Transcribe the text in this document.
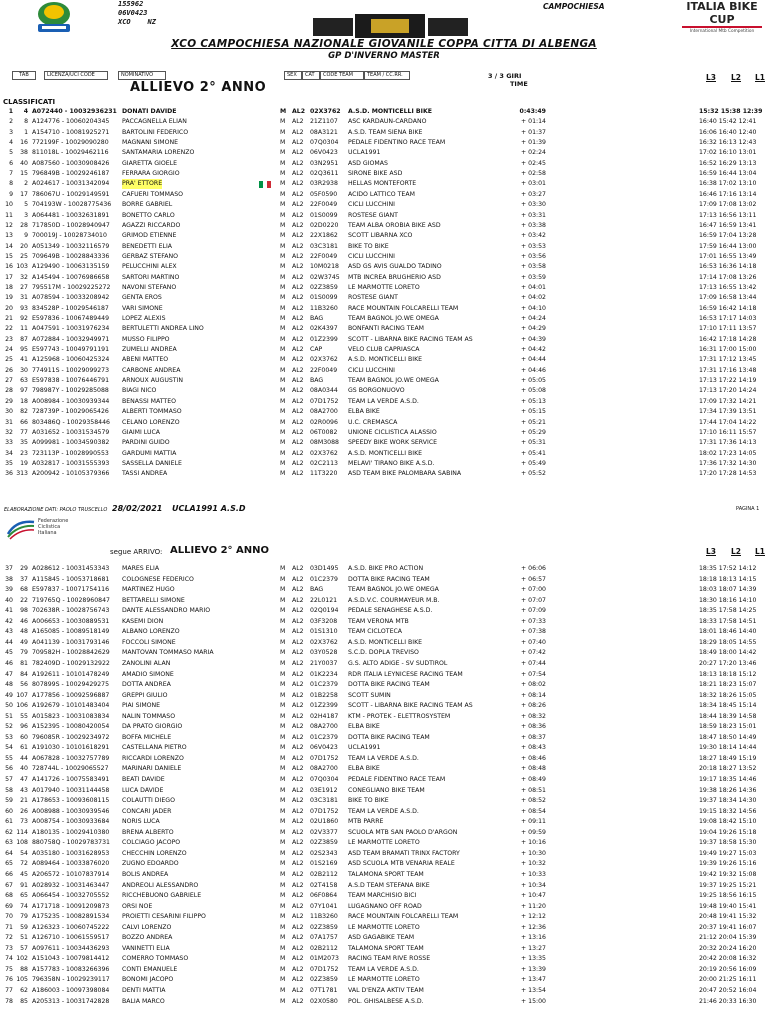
155962
06V0423
XCO    NZ
CAMPOCHIESA	ITALIA BIKE CUP
International Mtb Competition
XCO CAMPOCHIESA NAZIONALE GIOVANILE COPPA CITTA DI ALBENGA
GP D'INVERNO MASTER
TAB	LICENZA/UCI CODE	NOMINATIVO	SEX	CAT	CODE TEAM	TEAM / CC.RR.
ALLIEVO 2° ANNO
3 / 3 GIRI
TIME
L3 L2 L1
CLASSIFICATI
1	4 A072440 - 10032936231 DONATI DAVIDE	M AL2 02X3762 A.S.D. MONTICELLI BIKE	0:43:49	15:32 15:38 12:39
2	8 A124776 - 10060204345 PACCAGNELLA ELIAN	M AL2 21Z1107 ASC KARDAUN-CARDANO	+ 01:14	16:40 15:42 12:41
3	1 A154710 - 10081925271 BARTOLINI FEDERICO	M AL2 08A3121 A.S.D. TEAM SIENA BIKE	+ 01:37	16:06 16:40 12:40
4	16 772199F - 10029090280 MAGNANI SIMONE	M AL2 07Q0304 PEDALE FIDENTINO RACE TEAM	+ 01:39	16:32 16:13 12:43
5	38 811018L - 10029462116 SANTAMARIA LORENZO	M AL2 06V0423 UCLA1991	+ 02:24	17:02 16:10 13:01
6	40 A087560 - 10030908426 GIARETTA GIOELE	M AL2 03N2951 ASD GIOMAS	+ 02:45	16:52 16:29 13:13
7	15 796849B - 10029246187 FERRARA GIORGIO	M AL2 02Q3611 SIRONE BIKE ASD	+ 02:58	16:59 16:44 13:04
8	2 A024617 - 10031342094 PRA' ETTORE	M AL2 03R2938 HELLAS MONTEFORTE	+ 03:01	16:38 17:02 13:10
9	17 786067U - 10029149591 CAFUERI TOMMASO	M AL2 05F0590 ACIDO LATTICO TEAM	+ 03:27	16:46 17:16 13:14
10	5 704193W - 10028775436 BORRE GABRIEL	M AL2 22F0049 CICLI LUCCHINI	+ 03:30	17:09 17:08 13:02
11	3 A064481 - 10032631891 BONETTO CARLO	M AL2 01S0099 ROSTESE GIANT	+ 03:31	17:13 16:56 13:11
12	28 717850D - 10028940947 AGAZZI RICCARDO	M AL2 02D0220 TEAM ALBA OROBIA BIKE ASD	+ 03:38	16:47 16:59 13:41
13	9 700019J - 10028734010 GRIMOD ETIENNE	M AL2 22X1862 SCOTT LIBARNA XCO	+ 03:42	16:59 17:04 13:28
14	20 A051349 - 10032116579 BENEDETTI ELIA	M AL2 03C3181 BIKE TO BIKE	+ 03:53	17:59 16:44 13:00
15	25 709649B - 10028843336 GERBAZ STEFANO	M AL2 22F0049 CICLI LUCCHINI	+ 03:56	17:01 16:55 13:49
16 103 A129490 - 10063135159 PELUCCHINI ALEX	M AL2 10M0218 ASD GS AVIS GUALDO TADINO	+ 03:58	16:53 16:36 14:18
17	32 A145494 - 10076986658 SARTORI MARTINO	M AL2 02W3745 MTB INCREA BRUGHERIO ASD	+ 03:59	17:14 17:08 13:26
18	27 795517M - 10029225272 NAVONI STEFANO	M AL2 02Z3859 LE MARMOTTE LORETO	+ 04:01	17:13 16:55 13:42
19	31 A078594 - 10033208942 GENTA EROS	M AL2 01S0099 ROSTESE GIANT	+ 04:02	17:09 16:58 13:44
20	93 834528P - 10029546187 VARI SIMONE	M AL2 11B3260 RACE MOUNTAIN FOLCARELLI TEAM	+ 04:10	16:59 16:42 14:18
21	92 E597836 - 10067489449 LOPEZ ALEXIS	M AL2 BAG	TEAM BAGNOL JO.WE OMEGA	+ 04:24	16:53 17:17 14:03
22	11 A047591 - 10031976234 BERTULETTI ANDREA LINO	M AL2 02K4397 BONFANTI RACING TEAM	+ 04:29	17:10 17:11 13:57
23	87 A072884 - 10032949971 MUSSO FILIPPO	M AL2 01Z2399 SCOTT - LIBARNA BIKE RACING TEAM AS	+ 04:39	16:42 17:18 14:28
24	95 E597743 - 10049791191 ZUMELLI ANDREA	M AL2 CAP	VELO CLUB CAPRIASCA	+ 04:42	16:31 17:00 15:00
25	41 A125968 - 10060425324 ABENI MATTEO	M AL2 02X3762 A.S.D. MONTICELLI BIKE	+ 04:44	17:31 17:12 13:45
26	30 774911S - 10029099273 CARBONE ANDREA	M AL2 22F0049 CICLI LUCCHINI	+ 04:46	17:31 17:16 13:48
27	63 E597838 - 10076446791 ARNOUX AUGUSTIN	M AL2 BAG	TEAM BAGNOL JO.WE OMEGA	+ 05:05	17:13 17:22 14:19
28	97 798987Y - 10029285088 BIAGI NICO	M AL2 08A0344 GS BORGONUOVO	+ 05:08	17:13 17:20 14:24
29	18 A008984 - 10030939344 BENASSI MATTEO	M AL2 07D1752 TEAM LA VERDE A.S.D.	+ 05:13	17:09 17:32 14:21
30	82 728739P - 10029065426 ALBERTI TOMMASO	M AL2 08A2700 ELBA BIKE	+ 05:15	17:34 17:39 13:51
31	66 803486Q - 10029358446 CELANO LORENZO	M AL2 02R0096 U.C. CREMASCA	+ 05:21	17:44 17:04 14:22
32	77 A031652 - 10031534579 GIAIMI LUCA	M AL2 06T0082 UNIONE CICLISTICA ALASSIO	+ 05:29	17:10 16:11 15:57
33	35 A099981 - 10034590382 PARDINI GUIDO	M AL2 08M3088 SPEEDY BIKE WORK SERVICE	+ 05:31	17:31 17:36 14:13
34	23 723113P - 10028990553 GARDUMI MATTIA	M AL2 02X3762 A.S.D. MONTICELLI BIKE	+ 05:41	18:02 17:23 14:05
35	19 A032817 - 10031555393 SASSELLA DANIELE	M AL2 02C2113 MELAVI' TIRANO BIKE A.S.D.	+ 05:49	17:36 17:32 14:30
36 313 A200942 - 10105379366 TASSI ANDREA	M AL2 11T3220 ASD TEAM BIKE PALOMBARA SABINA	+ 05:52	17:20 17:28 14:53
ELABORAZIONE DATI: PAOLO TRUSCELLO 28/02/2021 UCLA1991 A.S.D	PAGINA 1
Federazione
Ciclistica
Italiana
segue ARRIVO: ALLIEVO 2° ANNO	L3 L2 L1
37	29 A028612 - 10031453343 MARES ELIA	M AL2 03D1495 A.S.D. BIKE PRO ACTION	+ 06:06	18:35 17:52 14:12
38	37 A115845 - 10053718681 COLOGNESE FEDERICO	M AL2 01C2379 DOTTA BIKE RACING TEAM	+ 06:57	18:18 18:13 14:15
39	68 E597837 - 10071754116 MARTINEZ HUGO	M AL2 BAG	TEAM BAGNOL JO.WE OMEGA	+ 07:00	18:03 18:07 14:39
40	22 719765Q - 10028960847 BETTARELLI SIMONE	M AL2 22L0121 A.S.D.V.C. COURMAYEUR M.B.	+ 07:07	18:30 18:16 14:10
41	98 702638R - 10028756743 DANTE ALESSANDRO MARIO	M AL2 02Q0194 PEDALE SENAGHESE A.S.D.	+ 07:09	18:35 17:58 14:25
42	46 A006653 - 10030889531 KASEMI DION	M AL2 03F3208 TEAM VERONA MTB	+ 07:33	18:33 17:58 14:51
43	48 A165085 - 10089518149 ALBANO LORENZO	M AL2 01S1310 TEAM CICLOTECA	+ 07:38	18:01 18:46 14:40
44	49 A041139 - 10031793146 FOCCOLI SIMONE	M AL2 02X3762 A.S.D. MONTICELLI BIKE	+ 07:40	18:29 18:05 14:55
45	79 709582H - 10028842629 MANTOVAN TOMMASO MARIA	M AL2 03Y0528 S.C.D. DOPLA TREVISO	+ 07:42	18:49 18:00 14:42
46	81 782409D - 10029132922 ZANOLINI ALAN	M AL2 21Y0037 G.S. ALTO ADIGE - SV SUDTIROL	+ 07:44	20:27 17:20 13:46
47	84 A192611 - 10101478249 AMADIO SIMONE	M AL2 01K2234 RDR ITALIA LEYNICESE RACING TEAM	+ 07:54	18:13 18:18 15:12
48	56 807899S - 10029429275 DOTTA ANDREA	M AL2 01C2379 DOTTA BIKE RACING TEAM	+ 08:02	18:21 18:23 15:07
49 107 A177856 - 10092596887 GREPPI GIULIO	M AL2 01B2258 SCOTT SUMIN	+ 08:14	18:32 18:26 15:05
50 106 A192679 - 10101483404 PIAI SIMONE	M AL2 01Z2399 SCOTT - LIBARNA BIKE RACING TEAM AS	+ 08:26	18:34 18:45 15:14
51	55 A015823 - 10031083834 NALIN TOMMASO	M AL2 02H4187 KTM - PROTEK - ELETTROSYSTEM	+ 08:32	18:44 18:39 14:58
52	96 A152395 - 10080420054 DA PRATO GIORGIO	M AL2 08A2700 ELBA BIKE	+ 08:36	18:59 18:23 15:01
53	60 796085R - 10029234972 BOFFA MICHELE	M AL2 01C2379 DOTTA BIKE RACING TEAM	+ 08:37	18:47 18:50 14:49
54	61 A191030 - 10101618291 CASTELLANA PIETRO	M AL2 06V0423 UCLA1991	+ 08:43	19:30 18:14 14:44
55	44 A067828 - 10032757789 RICCARDI LORENZO	M AL2 07D1752 TEAM LA VERDE A.S.D.	+ 08:46	18:27 18:49 15:19
56	40 728744L - 10029065527 MARINARI DANIELE	M AL2 08A2700 ELBA BIKE	+ 08:48	20:18 18:27 13:52
57	47 A141726 - 10075583491 BEATI DAVIDE	M AL2 07Q0304 PEDALE FIDENTINO RACE TEAM	+ 08:49	19:17 18:35 14:46
58	43 A017940 - 10031144458 LUCA DAVIDE	M AL2 03E1912 CONEGLIANO BIKE TEAM	+ 08:51	19:38 18:26 14:36
59	21 A178653 - 10093608115 COLAUTTI DIEGO	M AL2 03C3181 BIKE TO BIKE	+ 08:52	19:37 18:34 14:30
60	26 A008988 - 10030939546 CONCARI JADER	M AL2 07D1752 TEAM LA VERDE A.S.D.	+ 08:54	19:15 18:32 14:56
61	73 A008754 - 10030933684 NORIS LUCA	M AL2 02U1860 MTB PARRE	+ 09:11	19:08 18:42 15:10
62 114 A180135 - 10029410380 BRENA ALBERTO	M AL2 02V3377 SCUOLA MTB SAN PAOLO D'ARGON	+ 09:59	19:04 19:26 15:18
63 108 880758Q - 10029783731 COLCIAGO JACOPO	M AL2 02Z3859 LE MARMOTTE LORETO	+ 10:16	19:37 18:58 15:30
64	54 A035180 - 10031628953 CHECCHIN LORENZO	M AL2 02S2343 ASD TEAM BRAMATI TRINX FACTORY	+ 10:30	19:49 19:27 15:03
65	72 A089464 - 10033876020 ZUGNO EDOARDO	M AL2 01S2169 ASD SCUOLA MTB VENARIA REALE	+ 10:32	19:39 19:26 15:16
66	45 A206572 - 10107837914 BOLIS ANDREA	M AL2 02B2112 TALAMONA SPORT TEAM	+ 10:33	19:42 19:32 15:08
67	91 A028932 - 10031463447 ANDREOLI ALESSANDRO	M AL2 02T4158 A.S.D TEAM STEFANA BIKE	+ 10:34	19:37 19:25 15:21
68	65 A066454 - 10032705552 RICCHEBUONO GABRIELE	M AL2 06F0864 TEAM MARCHISIO BICI	+ 10:47	19:25 18:56 16:15
69	74 A171718 - 10091209873 ORSI NOE	M AL2 07Y1041 LUGAGNANO OFF ROAD	+ 11:20	19:48 19:40 15:41
70	79 A175235 - 10082891534 PROIETTI CESARINI FILIPPO	M AL2 11B3260 RACE MOUNTAIN FOLCARELLI TEAM	+ 12:12	20:48 19:41 15:32
71	59 A126323 - 10060745222 CALVI LORENZO	M AL2 02Z3859 LE MARMOTTE LORETO	+ 12:36	20:37 19:41 16:07
72	51 A126710 - 10061559517 BOZZO ANDREA	M AL2 07A1757 ASD GAGABIKE TEAM	+ 13:16	21:12 20:04 15:39
73	57 A097611 - 10034436293 VANINETTI ELIA	M AL2 02B2112 TALAMONA SPORT TEAM	+ 13:27	20:32 20:24 16:20
74 102 A151043 - 10079814412 COMERRO TOMMASO	M AL2 01M2073 RACING TEAM RIVE ROSSE	+ 13:35	20:42 20:08 16:32
75	88 A157783 - 10083266396 CONTI EMANUELE	M AL2 07D1752 TEAM LA VERDE A.S.D.	+ 13:39	20:19 20:56 16:09
76 105 796358N - 10029239117 BONOMI JACOPO	M AL2 02Z3859 LE MARMOTTE LORETO	+ 13:47	20:00 21:25 16:11
77	62 A186003 - 10097398084 DENTI MATTIA	M AL2 07T1781 VAL D'ENZA AKTIV TEAM	+ 13:54	20:47 20:52 16:04
78	85 A205313 - 10031742828 BALIA MARCO	M AL2 02X0580 POL. GHISALBESE A.S.D.	+ 15:00	21:46 20:33 16:30
